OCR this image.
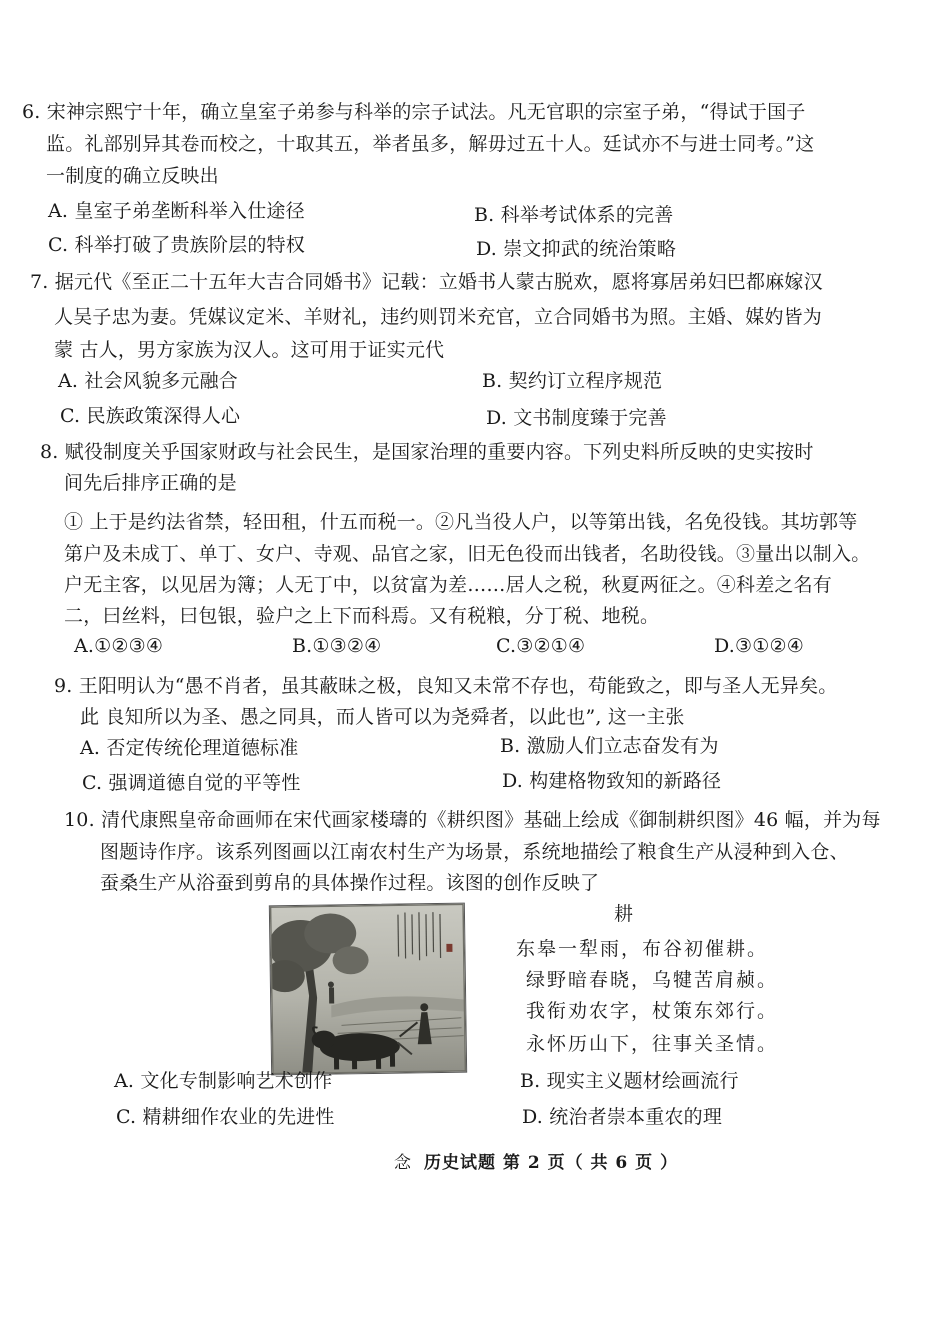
6. 宋神宗熙宁十年，确立皇室子弟参与科举的宗子试法。凡无官职的宗室子弟，“得试于国子
监。礼部别异其卷而校之，十取其五，举者虽多，解毋过五十人。廷试亦不与进士同考。”这
一制度的确立反映出
A. 皇室子弟垄断科举入仕途径	B. 科举考试体系的完善
C. 科举打破了贵族阶层的特权	D. 崇文抑武的统治策略
7. 据元代《至正二十五年大吉合同婚书》记载：立婚书人蒙古脱欢，愿将寡居弟妇巴都麻嫁汉
人吴子忠为妻。凭媒议定米、羊财礼，违约则罚米充官，立合同婚书为照。主婚、媒妁皆为
蒙 古人，男方家族为汉人。这可用于证实元代
A. 社会风貌多元融合	B. 契约订立程序规范
C. 民族政策深得人心	D. 文书制度臻于完善
8. 赋役制度关乎国家财政与社会民生，是国家治理的重要内容。下列史料所反映的史实按时
间先后排序正确的是
① 上于是约法省禁，轻田租，什五而税一。②凡当役人户，以等第出钱，名免役钱。其坊郭等
第户及未成丁、单丁、女户、寺观、品官之家，旧无色役而出钱者，名助役钱。③量出以制入。
户无主客，以见居为簿；人无丁中，以贫富为差……居人之税，秋夏两征之。④科差之名有
二，曰丝料，曰包银，验户之上下而科焉。又有税粮，分丁税、地税。
A.①②③④	B.①③②④	C.③②①④	D.③①②④
9. 王阳明认为“愚不肖者，虽其蔽昧之极，良知又未常不存也，苟能致之，即与圣人无异矣。
此 良知所以为圣、愚之同具，而人皆可以为尧舜者，以此也”, 这一主张
A. 否定传统伦理道德标准	B. 激励人们立志奋发有为
C. 强调道德自觉的平等性	D. 构建格物致知的新路径
10. 清代康熙皇帝命画师在宋代画家楼璹的《耕织图》基础上绘成《御制耕织图》46 幅，并为每
图题诗作序。该系列图画以江南农村生产为场景，系统地描绘了粮食生产从浸种到入仓、
蚕桑生产从浴蚕到剪帛的具体操作过程。该图的创作反映了
耕
东皋一犁雨，布谷初催耕。
绿野暗春晓，乌犍苦肩赪。
我衔劝农字，杖策东郊行。
永怀历山下，往事关圣情。
A. 文化专制影响艺术创作	B. 现实主义题材绘画流行
C. 精耕细作农业的先进性	D. 统治者崇本重农的理
念 历史试题 第 2 页（ 共 6 页 ）
